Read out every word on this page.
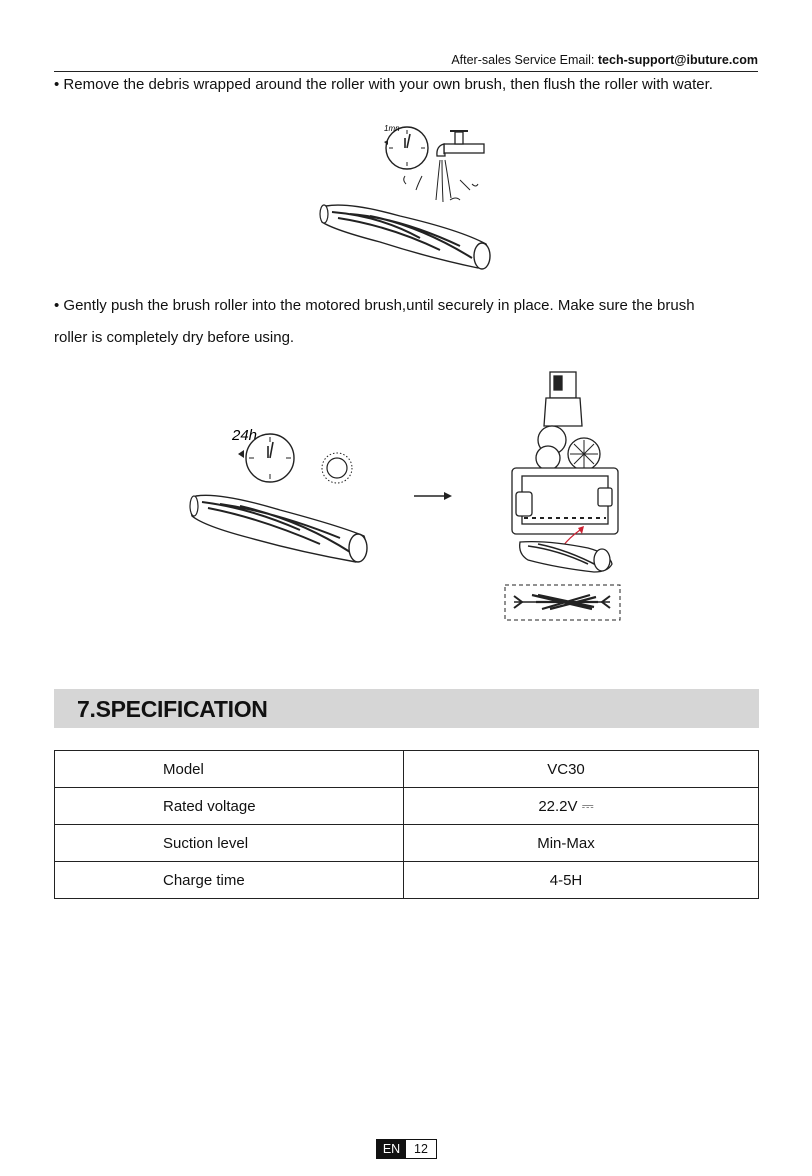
After-sales Service Email: tech-support@ibuture.com
• Remove the debris wrapped around the roller with your own brush, then flush the roller with water.
1mn
• Gently push the brush roller into the motored brush,until securely in place. Make sure the brush
roller is completely dry before using.
24h
7.SPECIFICATION
Model	VC30
Rated voltage	22.2V ⎓
Suction level	Min-Max
Charge time	4-5H
EN	12
